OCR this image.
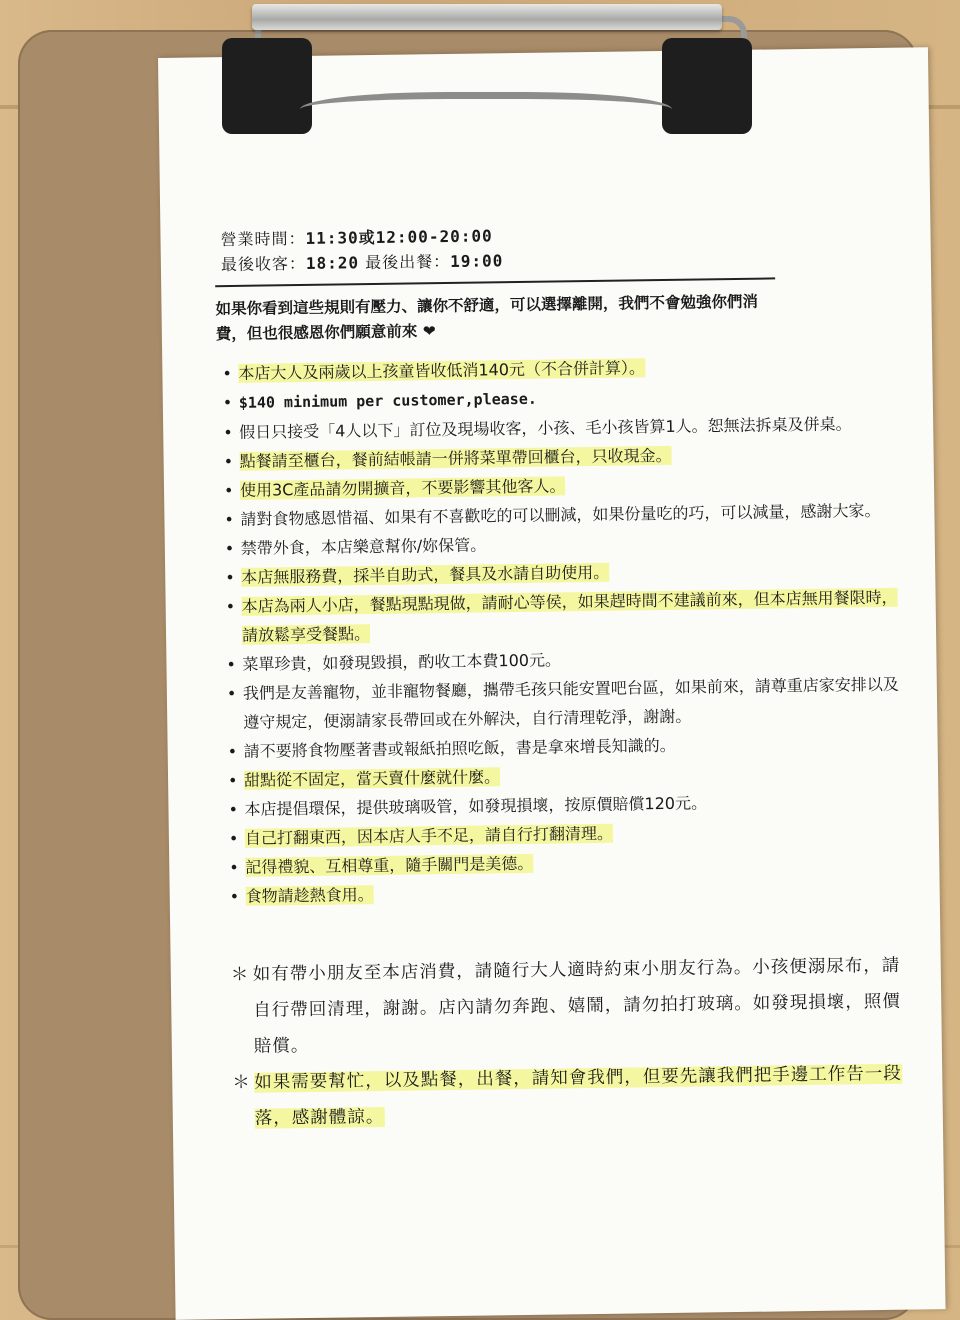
營業時間：11:30或12:00-20:00
最後收客：18:20 最後出餐：19:00
如果你看到這些規則有壓力、讓你不舒適，可以選擇離開，我們不會勉強你們消費，但也很感恩你們願意前來 ❤
• 本店大人及兩歲以上孩童皆收低消140元（不合併計算）。
• $140 minimum per customer,please.
• 假日只接受「4人以下」訂位及現場收客，小孩、毛小孩皆算1人。恕無法拆桌及併桌。
• 點餐請至櫃台，餐前結帳請一併將菜單帶回櫃台，只收現金。
• 使用3C產品請勿開擴音，不要影響其他客人。
• 請對食物感恩惜福、如果有不喜歡吃的可以刪減，如果份量吃的巧，可以減量，感謝大家。
• 禁帶外食，本店樂意幫你/妳保管。
• 本店無服務費，採半自助式，餐具及水請自助使用。
• 本店為兩人小店，餐點現點現做，請耐心等侯，如果趕時間不建議前來，但本店無用餐限時，請放鬆享受餐點。
• 菜單珍貴，如發現毀損，酌收工本費100元。
• 我們是友善寵物，並非寵物餐廳，攜帶毛孩只能安置吧台區，如果前來，請尊重店家安排以及遵守規定，便溺請家長帶回或在外解決，自行清理乾淨，謝謝。
• 請不要將食物壓著書或報紙拍照吃飯，書是拿來增長知識的。
• 甜點從不固定，當天賣什麼就什麼。
• 本店提倡環保，提供玻璃吸管，如發現損壞，按原價賠償120元。
• 自己打翻東西，因本店人手不足，請自行打翻清理。
• 記得禮貌、互相尊重，隨手關門是美德。
• 食物請趁熱食用。

＊ 如有帶小朋友至本店消費，請隨行大人適時約束小朋友行為。小孩便溺尿布，請自行帶回清理，謝謝。店內請勿奔跑、嬉鬧，請勿拍打玻璃。如發現損壞，照價賠償。

＊ 如果需要幫忙，以及點餐，出餐，請知會我們，但要先讓我們把手邊工作告一段落，感謝體諒。
